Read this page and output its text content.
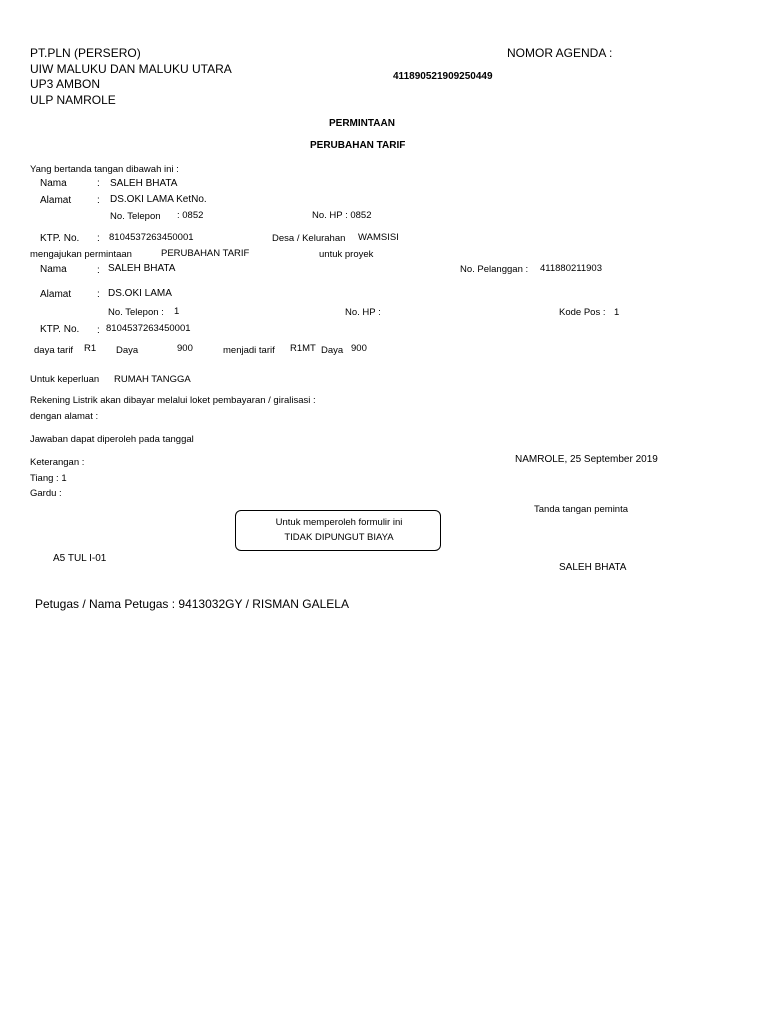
PT.PLN (PERSERO)
UIW MALUKU DAN MALUKU UTARA
UP3 AMBON
ULP NAMROLE
NOMOR AGENDA :
411890521909250449
PERMINTAAN
PERUBAHAN TARIF
Yang bertanda tangan dibawah ini :
Nama	: SALEH BHATA
Alamat	: DS.OKI LAMA KetNo.
No. Telepon : 0852	No. HP : 0852
KTP. No. : 8104537263450001	Desa / Kelurahan WAMSISI
mengajukan permintaan	PERUBAHAN TARIF	untuk proyek
Nama	: SALEH BHATA	No. Pelanggan : 411880211903
Alamat	: DS.OKI LAMA
No. Telepon : 1	No. HP :	Kode Pos : 1
KTP. No. : 8104537263450001
daya tarif R1 Daya	900	menjadi tarif R1MT Daya 900
Untuk keperluan RUMAH TANGGA
Rekening Listrik akan dibayar melalui loket pembayaran / giralisasi :
dengan alamat :
Jawaban dapat diperoleh pada tanggal
Keterangan :
Tiang : 1
Gardu :
NAMROLE, 25 September 2019
Tanda tangan peminta
Untuk memperoleh formulir ini
TIDAK DIPUNGUT BIAYA
A5 TUL I-01
SALEH BHATA
Petugas / Nama Petugas : 9413032GY / RISMAN GALELA
